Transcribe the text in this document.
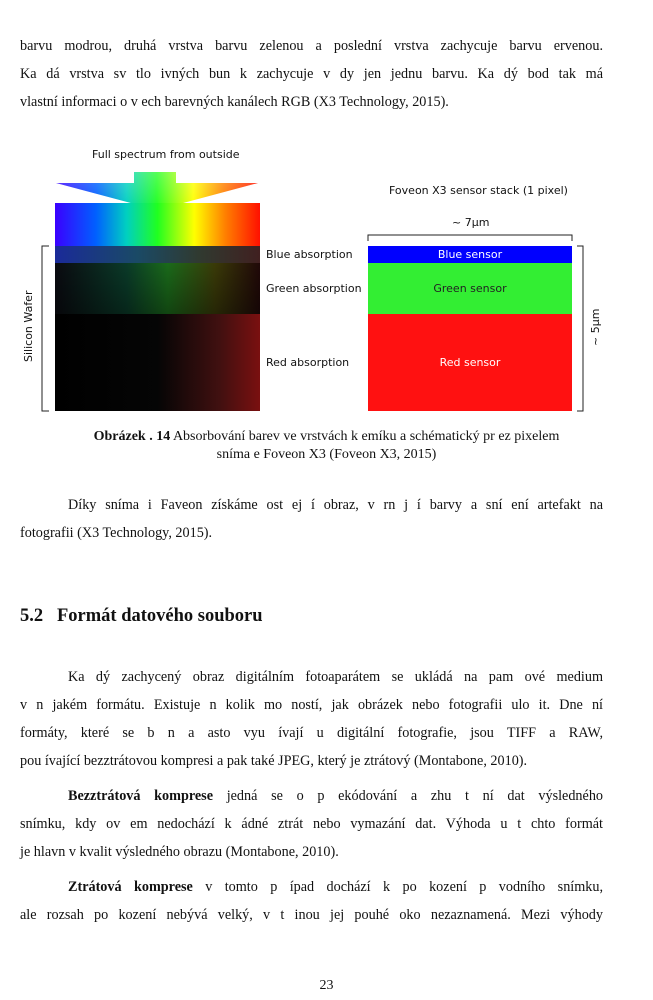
barvu modrou, druhá vrstva barvu zelenou a poslední vrstva zachycuje barvu ervenou.
Ka dá vrstva sv tlo ivných bun k zachycuje v dy jen jednu barvu. Ka dý bod tak má
vlastní informaci o v ech barevných kanálech RGB (X3 Technology, 2015).
Full spectrum from outside
Silicon Wafer
Blue absorption
Green absorption
Red absorption
Foveon X3 sensor stack (1 pixel)
~ 7µm
Blue sensor
Green sensor
Red sensor
~ 5µm
Obrázek . 14 Absorbování barev ve vrstvách k emíku a schématický pr ez pixelem
sníma e Foveon X3 (Foveon X3, 2015)
Díky sníma i Faveon získáme ost ej í obraz, v rn j í barvy a sní ení artefakt na
fotografii (X3 Technology, 2015).
5.2 Formát datového souboru
Ka dý zachycený obraz digitálním fotoaparátem se ukládá na pam ové medium
v n jakém formátu. Existuje n kolik mo ností, jak obrázek nebo fotografii ulo it. Dne ní
formáty, které se b n a asto vyu ívají u digitální fotografie, jsou TIFF a RAW,
pou ívající bezztrátovou kompresi a pak také JPEG, který je ztrátový (Montabone, 2010).
Bezztrátová komprese jedná se o p ekódování a zhu t ní dat výsledného
snímku, kdy ov em nedochází k ádné ztrát nebo vymazání dat. Výhoda u t chto formát
je hlavn v kvalit výsledného obrazu (Montabone, 2010).
Ztrátová komprese v tomto p ípad dochází k po kození p vodního snímku,
ale rozsah po kození nebývá velký, v t inou jej pouhé oko nezaznamená. Mezi výhody
23
